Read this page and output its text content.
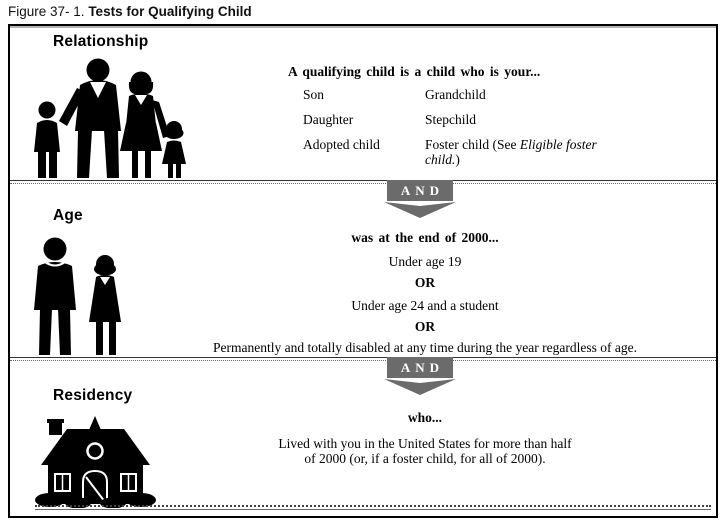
Figure 37- 1. Tests for Qualifying Child
Relationship
A qualifying child is a child who is your...
Son	Grandchild
Daughter	Stepchild
Adopted child	Foster child (See Eligible foster child.)
AND
Age
was at the end of 2000...
Under age 19
OR
Under age 24 and a student
OR
Permanently and totally disabled at any time during the year regardless of age.
AND
Residency
who...
Lived with you in the United States for more than half
of 2000 (or, if a foster child, for all of 2000).
